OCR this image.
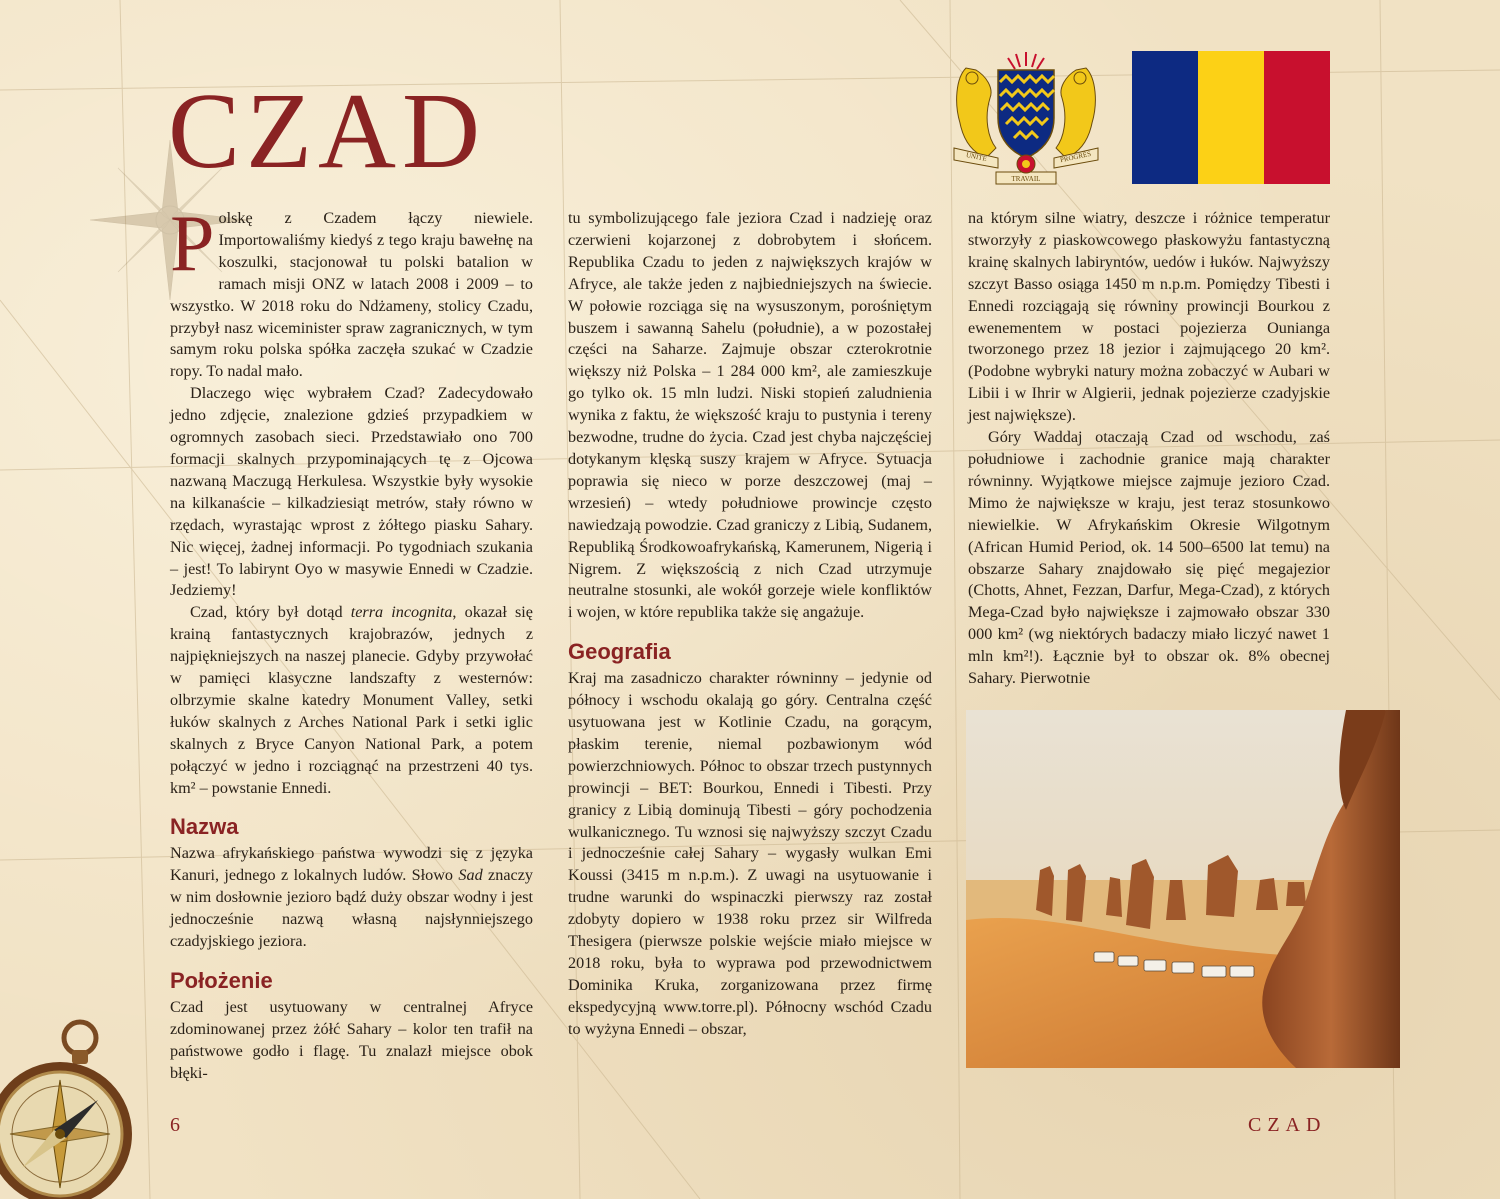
CZAD	UNITÉ	PROGRÈS
TRAVAIL

Polskę z Czadem łączy niewiele. Importowaliśmy kiedyś z tego kraju bawełnę na koszulki, stacjonował tu polski batalion w ramach misji ONZ w latach 2008 i 2009 – to wszystko. W 2018 roku do Ndżameny, stolicy Czadu, przybył nasz wiceminister spraw zagranicznych, w tym samym roku polska spółka zaczęła szukać w Czadzie ropy. To nadal mało.

Dlaczego więc wybrałem Czad? Zadecydowało jedno zdjęcie, znalezione gdzieś przypadkiem w ogromnych zasobach sieci. Przedstawiało ono 700 formacji skalnych przypominających tę z Ojcowa nazwaną Maczugą Herkulesa. Wszystkie były wysokie na kilkanaście – kilkadziesiąt metrów, stały równo w rzędach, wyrastając wprost z żółtego piasku Sahary. Nic więcej, żadnej informacji. Po tygodniach szukania – jest! To labirynt Oyo w masywie Ennedi w Czadzie. Jedziemy!

Czad, który był dotąd terra incognita, okazał się krainą fantastycznych krajobrazów, jednych z najpiękniejszych na naszej planecie. Gdyby przywołać w pamięci klasyczne landszafty z westernów: olbrzymie skalne katedry Monument Valley, setki łuków skalnych z Arches National Park i setki iglic skalnych z Bryce Canyon National Park, a potem połączyć w jedno i rozciągnąć na przestrzeni 40 tys. km² – powstanie Ennedi.

Nazwa

Nazwa afrykańskiego państwa wywodzi się z języka Kanuri, jednego z lokalnych ludów. Słowo Sad znaczy w nim dosłownie jezioro bądź duży obszar wodny i jest jednocześnie nazwą własną najsłynniejszego czadyjskiego jeziora.

Położenie

Czad jest usytuowany w centralnej Afryce zdominowanej przez żółć Sahary – kolor ten trafił na państwowe godło i flagę. Tu znalazł miejsce obok błęki-

tu symbolizującego fale jeziora Czad i nadzieję oraz czerwieni kojarzonej z dobrobytem i słońcem. Republika Czadu to jeden z największych krajów w Afryce, ale także jeden z najbiedniejszych na świecie. W połowie rozciąga się na wysuszonym, porośniętym buszem i sawanną Sahelu (południe), a w pozostałej części na Saharze. Zajmuje obszar czterokrotnie większy niż Polska – 1 284 000 km², ale zamieszkuje go tylko ok. 15 mln ludzi. Niski stopień zaludnienia wynika z faktu, że większość kraju to pustynia i tereny bezwodne, trudne do życia. Czad jest chyba najczęściej dotykanym klęską suszy krajem w Afryce. Sytuacja poprawia się nieco w porze deszczowej (maj – wrzesień) – wtedy południowe prowincje często nawiedzają powodzie. Czad graniczy z Libią, Sudanem, Republiką Środkowoafrykańską, Kamerunem, Nigerią i Nigrem. Z większością z nich Czad utrzymuje neutralne stosunki, ale wokół gorzeje wiele konfliktów i wojen, w które republika także się angażuje.

Geografia

Kraj ma zasadniczo charakter równinny – jedynie od północy i wschodu okalają go góry. Centralna część usytuowana jest w Kotlinie Czadu, na gorącym, płaskim terenie, niemal pozbawionym wód powierzchniowych. Północ to obszar trzech pustynnych prowincji – BET: Bourkou, Ennedi i Tibesti. Przy granicy z Libią dominują Tibesti – góry pochodzenia wulkanicznego. Tu wznosi się najwyższy szczyt Czadu i jednocześnie całej Sahary – wygasły wulkan Emi Koussi (3415 m n.p.m.). Z uwagi na usytuowanie i trudne warunki do wspinaczki pierwszy raz został zdobyty dopiero w 1938 roku przez sir Wilfreda Thesigera (pierwsze polskie wejście miało miejsce w 2018 roku, była to wyprawa pod przewodnictwem Dominika Kruka, zorganizowana przez firmę ekspedycyjną www.torre.pl). Północny wschód Czadu to wyżyna Ennedi – obszar,

na którym silne wiatry, deszcze i różnice temperatur stworzyły z piaskowcowego płaskowyżu fantastyczną krainę skalnych labiryntów, uedów i łuków. Najwyższy szczyt Basso osiąga 1450 m n.p.m. Pomiędzy Tibesti i Ennedi rozciągają się równiny prowincji Bourkou z ewenementem w postaci pojezierza Ounianga tworzonego przez 18 jezior i zajmującego 20 km². (Podobne wybryki natury można zobaczyć w Aubari w Libii i w Ihrir w Algierii, jednak pojezierze czadyjskie jest największe).

Góry Waddaj otaczają Czad od wschodu, zaś południowe i zachodnie granice mają charakter równinny. Wyjątkowe miejsce zajmuje jezioro Czad. Mimo że największe w kraju, jest teraz stosunkowo niewielkie. W Afrykańskim Okresie Wilgotnym (African Humid Period, ok. 14 500–6500 lat temu) na obszarze Sahary znajdowało się pięć megajezior (Chotts, Ahnet, Fezzan, Darfur, Mega-Czad), z których Mega-Czad było największe i zajmowało obszar 330 000 km² (wg niektórych badaczy miało liczyć nawet 1 mln km²!). Łącznie był to obszar ok. 8% obecnej Sahary. Pierwotnie

6	CZAD
